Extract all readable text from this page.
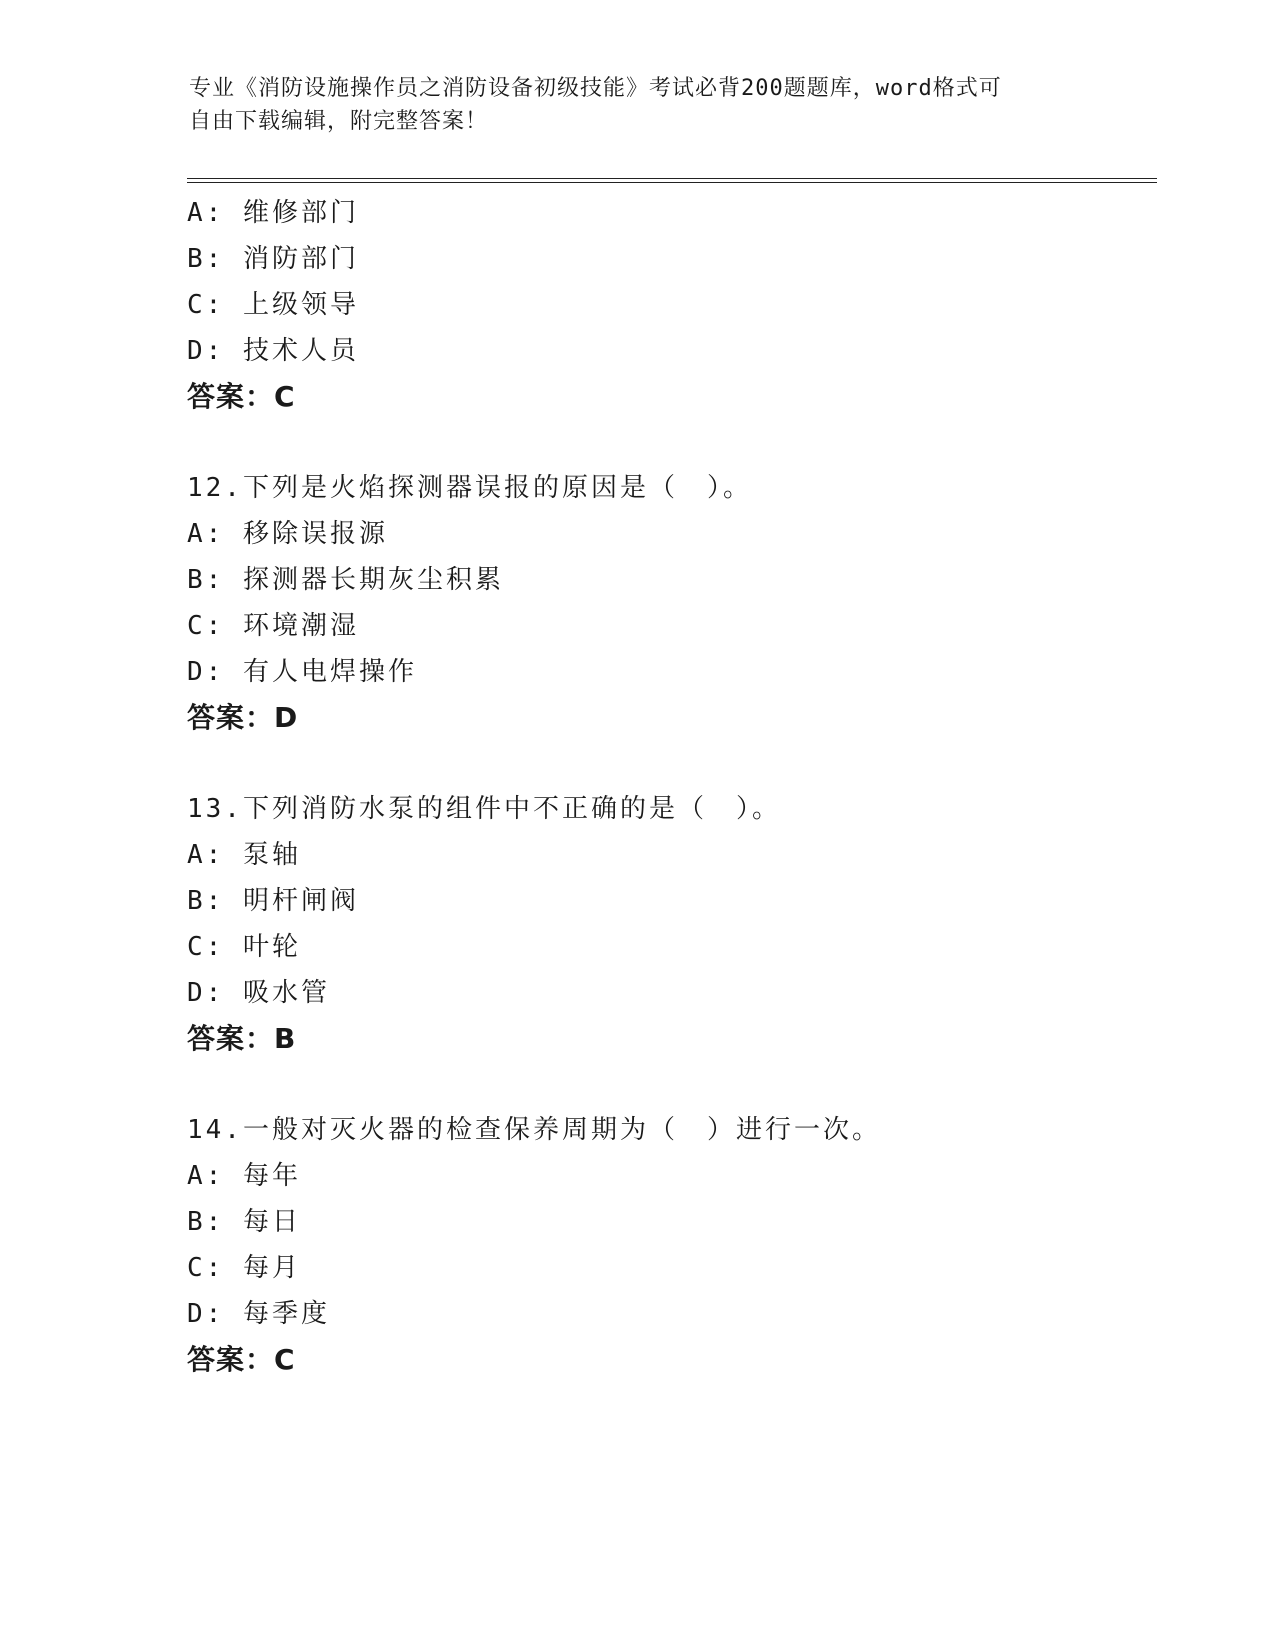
专业《消防设施操作员之消防设备初级技能》考试必背200题题库，word格式可
自由下载编辑，附完整答案！
A: 维修部门
B: 消防部门
C: 上级领导
D: 技术人员
答案：C
12.下列是火焰探测器误报的原因是（　）。
A: 移除误报源
B: 探测器长期灰尘积累
C: 环境潮湿
D: 有人电焊操作
答案：D
13.下列消防水泵的组件中不正确的是（　）。
A: 泵轴
B: 明杆闸阀
C: 叶轮
D: 吸水管
答案：B
14.一般对灭火器的检查保养周期为（　）进行一次。
A: 每年
B: 每日
C: 每月
D: 每季度
答案：C
